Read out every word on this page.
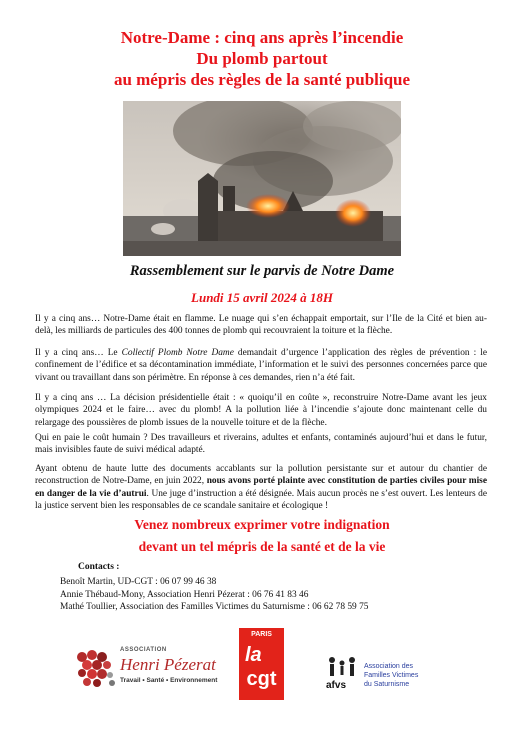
Notre-Dame : cinq ans après l’incendie
Du plomb partout
au mépris des règles de la santé publique
Rassemblement sur le parvis de Notre Dame
Lundi 15 avril 2024 à 18H

Il y a cinq ans… Notre-Dame était en flamme. Le nuage qui s’en échappait emportait, sur l’Ile de la Cité et bien au-delà, les milliards de particules des 400 tonnes de plomb qui recouvraient la toiture et la flèche.

Il y a cinq ans… Le Collectif Plomb Notre Dame demandait d’urgence l’application des règles de prévention : le confinement de l’édifice et sa décontamination immédiate, l’information et le suivi des personnes concernées parce que vivant ou travaillant dans son périmètre. En réponse à ces demandes, rien n’a été fait.

Il y a cinq ans … La décision présidentielle était : « quoiqu’il en coûte », reconstruire Notre-Dame avant les jeux olympiques 2024 et le faire… avec du plomb! A la pollution liée à l’incendie s’ajoute donc maintenant celle du relargage des poussières de plomb issues de la nouvelle toiture et de la flèche.

Qui en paie le coût humain ? Des travailleurs et riverains, adultes et enfants, contaminés aujourd’hui et dans le futur, mais invisibles faute de suivi médical adapté.

Ayant obtenu de haute lutte des documents accablants sur la pollution persistante sur et autour du chantier de reconstruction de Notre-Dame, en juin 2022, nous avons porté plainte avec constitution de parties civiles pour mise en danger de la vie d’autrui. Une juge d’instruction a été désignée. Mais aucun procès ne s’est ouvert. Les lenteurs de la justice servent bien les responsables de ce scandale sanitaire et écologique !

Venez nombreux exprimer votre indignation
devant un tel mépris de la santé et de la vie
Contacts :
Benoît Martin, UD-CGT : 06 07 99 46 38
Annie Thébaud-Mony, Association Henri Pézerat : 06 76 41 83 46
Mathé Toullier, Association des Familles Victimes du Saturnisme : 06 62 78 59 75
ASSOCIATION
Henri Pézerat
Travail • Santé • Environnement
PARIS
la
cgt	afvs
Association des
Familles Victimes
du Saturnisme
